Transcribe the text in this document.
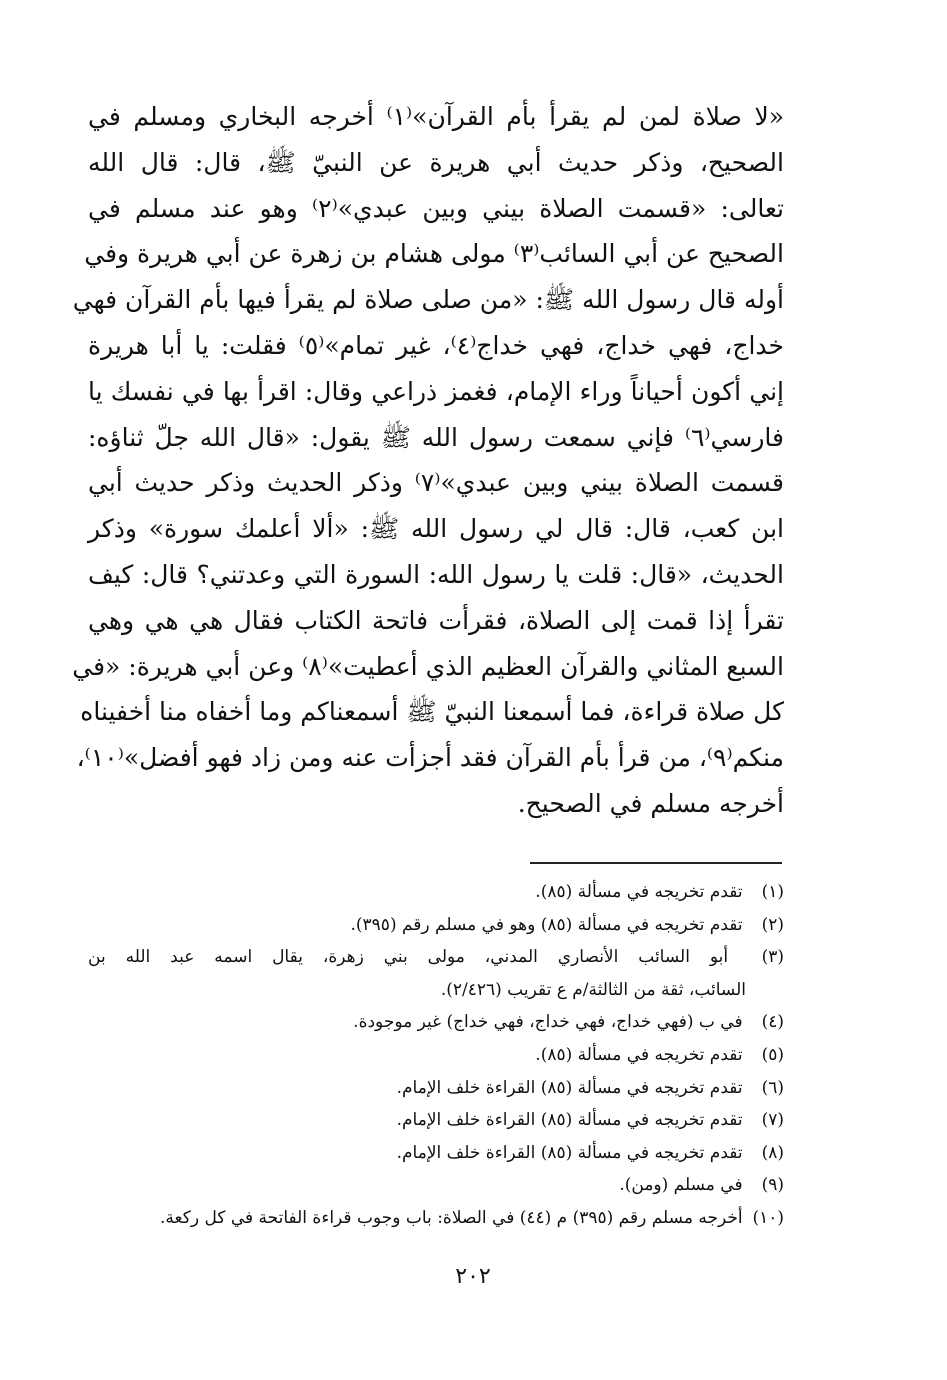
«لا صلاة لمن لم يقرأ بأم القرآن»⁽١⁾ أخرجه البخاري ومسلم في
الصحيح، وذكر حديث أبي هريرة عن النبيّ ﷺ، قال: قال الله
تعالى: «قسمت الصلاة بيني وبين عبدي»⁽٢⁾ وهو عند مسلم في
الصحيح عن أبي السائب⁽٣⁾ مولى هشام بن زهرة عن أبي هريرة وفي
أوله قال رسول الله ﷺ: «من صلى صلاة لم يقرأ فيها بأم القرآن فهي
خداج، فهي خداج، فهي خداج⁽٤⁾، غير تمام»⁽٥⁾ فقلت: يا أبا هريرة
إني أكون أحياناً وراء الإمام، فغمز ذراعي وقال: اقرأ بها في نفسك يا
فارسي⁽٦⁾ فإني سمعت رسول الله ﷺ يقول: «قال الله جلّ ثناؤه:
قسمت الصلاة بيني وبين عبدي»⁽٧⁾ وذكر الحديث وذكر حديث أبي
ابن كعب، قال: قال لي رسول الله ﷺ: «ألا أعلمك سورة» وذكر
الحديث، «قال: قلت يا رسول الله: السورة التي وعدتني؟ قال: كيف
تقرأ إذا قمت إلى الصلاة، فقرأت فاتحة الكتاب فقال هي هي وهي
السبع المثاني والقرآن العظيم الذي أعطيت»⁽٨⁾ وعن أبي هريرة: «في
كل صلاة قراءة، فما أسمعنا النبيّ ﷺ أسمعناكم وما أخفاه منا أخفيناه
منكم⁽٩⁾، من قرأ بأم القرآن فقد أجزأت عنه ومن زاد فهو أفضل»⁽١٠⁾،
أخرجه مسلم في الصحيح.
(١) تقدم تخريجه في مسألة (٨٥).
(٢) تقدم تخريجه في مسألة (٨٥) وهو في مسلم رقم (٣٩٥).
(٣) أبو السائب الأنصاري المدني، مولى بني زهرة، يقال اسمه عبد الله بن
السائب، ثقة من الثالثة/م ع تقريب (٢/٤٢٦).
(٤) في ب (فهي خداج، فهي خداج، فهي خداج) غير موجودة.
(٥) تقدم تخريجه في مسألة (٨٥).
(٦) تقدم تخريجه في مسألة (٨٥) القراءة خلف الإمام.
(٧) تقدم تخريجه في مسألة (٨٥) القراءة خلف الإمام.
(٨) تقدم تخريجه في مسألة (٨٥) القراءة خلف الإمام.
(٩) في مسلم (ومن).
(١٠) أخرجه مسلم رقم (٣٩٥) م (٤٤) في الصلاة: باب وجوب قراءة الفاتحة في كل ركعة.
٢٠٢
